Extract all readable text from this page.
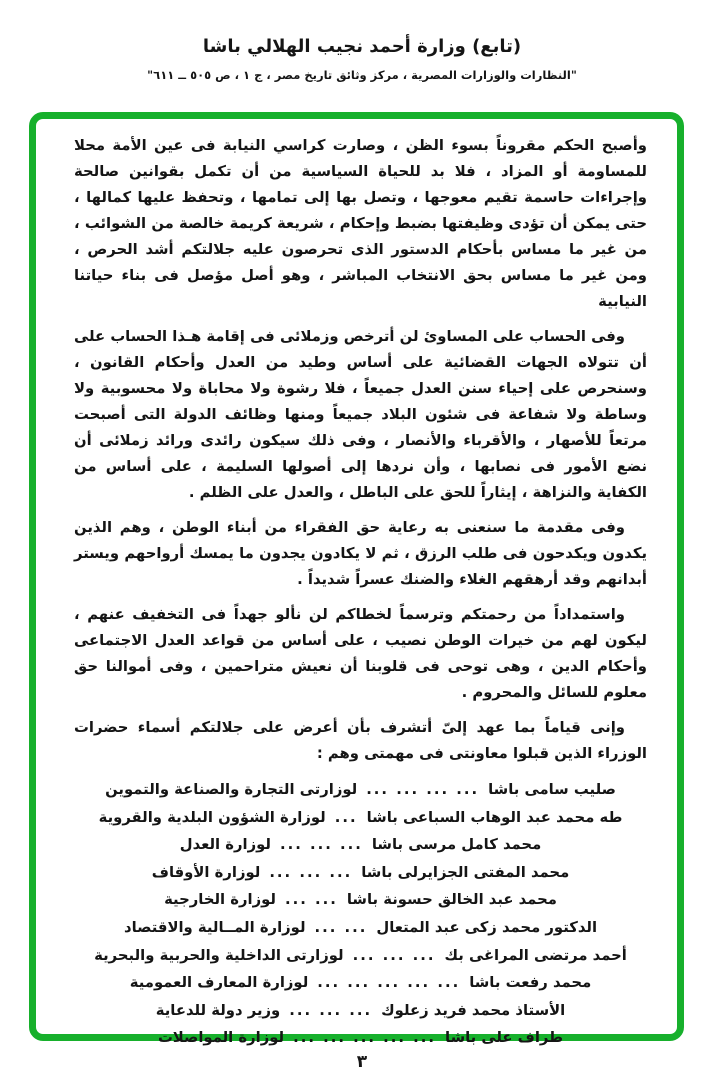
(تابع) وزارة أحمد نجيب الهلالي باشا
"النظارات والوزارات المصرية ، مركز وثائق تاريخ مصر ، ج ١ ، ص ٥٠٥ ــ ٦١١"

وأصبح الحكم مقروناً بسوء الظن ، وصارت كراسي النيابة فى عين الأمة محلا للمساومة أو المزاد ، فلا بد للحياة السياسية من أن تكمل بقوانين صالحة وإجراءات حاسمة تقيم معوجها ، وتصل بها إلى تمامها ، وتحفظ عليها كمالها ، حتى يمكن أن تؤدى وظيفتها بضبط وإحكام ، شريعة كريمة خالصة من الشوائب ، من غير ما مساس بأحكام الدستور الذى تحرصون عليه جلالتكم أشد الحرص ، ومن غير ما مساس بحق الانتخاب المباشر ، وهو أصل مؤصل فى بناء حياتنا النيابية

وفى الحساب على المساوئ لن أترخص وزملائى فى إقامة هـذا الحساب على أن تتولاه الجهات القضائية على أساس وطيد من العدل وأحكام القانون ، وسنحرص على إحياء سنن العدل جميعاً ، فلا رشوة ولا محاباة ولا محسوبية ولا وساطة ولا شفاعة فى شئون البلاد جميعاً ومنها وظائف الدولة التى أصبحت مرتعاً للأصهار ، والأقرباء والأنصار ، وفى ذلك سيكون رائدى ورائد زملائى أن نضع الأمور فى نصابها ، وأن نردها إلى أصولها السليمة ، على أساس من الكفاية والنزاهة ، إيثاراً للحق على الباطل ، والعدل على الظلم .

وفى مقدمة ما سنعنى به رعاية حق الفقراء من أبناء الوطن ، وهم الذين يكدون ويكدحون فى طلب الرزق ، ثم لا يكادون يجدون ما يمسك أرواحهم ويستر أبدانهم وقد أرهقهم الغلاء والضنك عسراً شديداً .

واستمداداً من رحمتكم وترسماً لخطاكم لن نألو جهداً فى التخفيف عنهم ، ليكون لهم من خيرات الوطن نصيب ، على أساس من قواعد العدل الاجتماعى وأحكام الدين ، وهى توحى فى قلوبنا أن نعيش متراحمين ، وفى أموالنا حق معلوم للسائل والمحروم .

وإنى قياماً بما عهد إلىّ أتشرف بأن أعرض على جلالتكم أسماء حضرات الوزراء الذين قبلوا معاونتى فى مهمتى وهم :

صليب سامى باشا
... ... ... ...
لوزارتى التجارة والصناعة والتموين
طه محمد عبد الوهاب السباعى باشا
...
لوزارة الشؤون البلدية والقروية
محمد كامل مرسى باشا
... ... ...
لوزارة العدل
محمد المفتى الجزايرلى باشا
... ... ...
لوزارة الأوقاف
محمد عبد الخالق حسونة باشا
... ...
لوزارة الخارجية
الدكتور محمد زكى عبد المتعال
... ...
لوزارة المــالية والاقتصاد
أحمد مرتضى المراغى بك
... ... ...
لوزارتى الداخلية والحربية والبحرية
محمد رفعت باشا
... ... ... ... ...
لوزارة المعارف العمومية
الأستاذ محمد فريد زعلوك
... ... ...
وزير دولة للدعاية
طراف على باشا
... ... ... ... ...
لوزارة المواصلات
٣
